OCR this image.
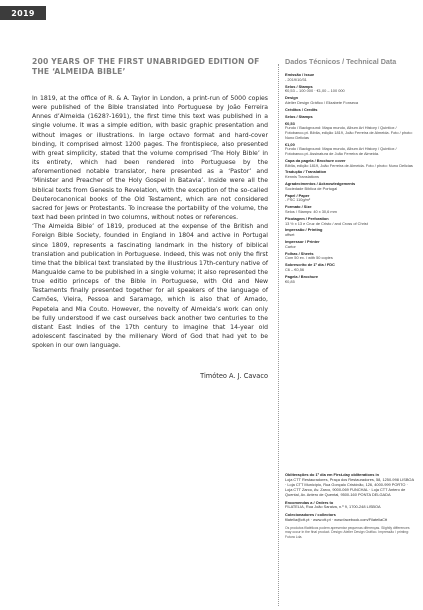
2019
200 YEARS OF THE FIRST UNABRIDGED EDITION OF THE ‘ALMEIDA BIBLE’

In 1819, at the office of R. & A. Taylor in London, a print-run of 5000 copies were published of the Bible translated into Portuguese by João Ferreira Annes d’Almeida (1628?-1691), the first time this text was published in a single volume. It was a simple edition, with basic graphic presentation and without images or illustrations. In large octavo format and hard-cover binding, it comprised almost 1200 pages. The frontispiece, also presented with great simplicity, stated that the volume comprised ‘The Holy Bible’ in its entirety, which had been rendered into Portuguese by the aforementioned notable translator, here presented as a ‘Pastor’ and ‘Minister and Preacher of the Holy Gospel in Batavia’. Inside were all the biblical texts from Genesis to Revelation, with the exception of the so-called Deuterocanonical books of the Old Testament, which are not considered sacred for Jews or Protestants. To increase the portability of the volume, the text had been printed in two columns, without notes or references.

‘The Almeida Bible’ of 1819, produced at the expense of the British and Foreign Bible Society, founded in England in 1804 and active in Portugal since 1809, represents a fascinating landmark in the history of biblical translation and publication in Portuguese. Indeed, this was not only the first time that the biblical text translated by the illustrious 17th-century native of Mangualde came to be published in a single volume; it also represented the true editio princeps of the Bible in Portuguese, with Old and New Testaments finally presented together for all speakers of the language of Camões, Vieira, Pessoa and Saramago, which is also that of Amado, Pepetela and Mia Couto. However, the novelty of Almeida’s work can only be fully understood if we cast ourselves back another two centuries to the distant East Indies of the 17th century to imagine that 14-year old adolescent fascinated by the millenary Word of God that had yet to be spoken in our own language.

Timóteo A. J. Cavaco
Dados Técnicos / Technical Data
Emissão / Issue
- 2019/10/31
Selos / Stamps
€0,53 – 100 000 · €1,00 – 100 000
Design
Atelier Design Gráfico / Elizabete Fonseca
Créditos / Credits
Selos / Stamps
€0,53
Fundo / Background: Mapa mundo, Album Art History / Quintlox / Fotobanco.pt. Bíblia, edição 1819, João Ferreira de Almeida. Foto / photo: Nuno Delicias
€1,00
Fundo / Background: Mapa mundo, Album Art History / Quintlox / Fotobanco.pt. Assinatura de João Ferreira de Almeida.
Capa da pagela / Brochure cover
Bíblia, edição 1819, João Ferreira de Almeida. Foto / photo: Nuno Delicias
Tradução / Translation
Kennis Translations
Agradecimentos / Acknowledgements
Sociedade Bíblica de Portugal
Papel / Paper
- FSC 110g/m²
Formato / Size
Selos / Stamps: 40 x 30,6 mm
Picotagem / Perforation
13 ½ x 13 e Cruz de Cristo / and Cross of Christ
Impressão / Printing
offset
Impressor / Printer
Cartor
Folhas / Sheets
Com 50 ex. / with 50 copies
Sobrescrito de 1º dia / FDC
C6 – €0,56
Pagela / Brochure
€0,85
Obliterações do 1º dia em First-day obliterations in
Loja CTT Restauradores, Praça dos Restauradores, 58, 1250-998 LISBOA · Loja CTT Município, Rua Gonçalo Cristóvão, 126, 4000-999 PORTO · Loja CTT Zarco, Av. Zarco, 9000-069 FUNCHAL · Loja CTT Antero de Quental, Av. Antero de Quental, 9500-160 PONTA DELGADA
Encomendas a / Orders to
FILATELIA, Rua João Saraiva, n.º 9, 1700-248 LISBOA
Colecionadores / collectors
filatelia@ctt.pt · www.ctt.pt · www.facebook.com/FilateliaCtt
Os produtos filatélicos podem apresentar pequenas diferenças. Slightly differences may occur in the final product. Design: Atelier Design Gráfico. Impressão / printing: Futura Lda.
